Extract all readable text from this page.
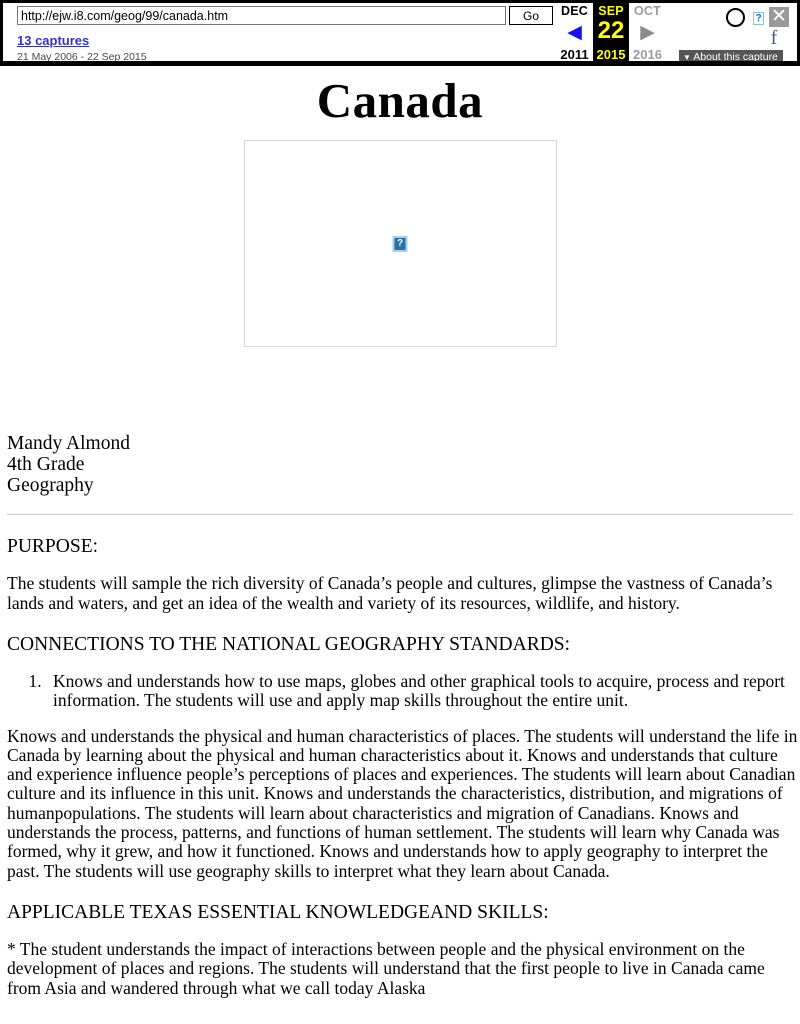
http://ejw.i8.com/geog/99/canada.htm
Go
13 captures
21 May 2006 - 22 Sep 2015
DEC
◀
2011
SEP
22
2015
OCT
▶
2016
? ✕
f
▼ About this capture
Canada
?
Mandy Almond
4th Grade
Geography
PURPOSE:

The students will sample the rich diversity of Canada’s people and cultures, glimpse the vastness of Canada’s lands and waters, and get an idea of the wealth and variety of its resources, wildlife, and history.

CONNECTIONS TO THE NATIONAL GEOGRAPHY STANDARDS:
1. Knows and understands how to use maps, globes and other graphical tools to acquire, process and report information. The students will use and apply map skills throughout the entire unit.

Knows and understands the physical and human characteristics of places. The students will understand the life in Canada by learning about the physical and human characteristics about it. Knows and understands that culture and experience influence people’s perceptions of places and experiences. The students will learn about Canadian culture and its influence in this unit. Knows and understands the characteristics, distribution, and migrations of humanpopulations. The students will learn about characteristics and migration of Canadians. Knows and understands the process, patterns, and functions of human settlement. The students will learn why Canada was formed, why it grew, and how it functioned. Knows and understands how to apply geography to interpret the past. The students will use geography skills to interpret what they learn about Canada.

APPLICABLE TEXAS ESSENTIAL KNOWLEDGEAND SKILLS:

* The student understands the impact of interactions between people and the physical environment on the development of places and regions. The students will understand that the first people to live in Canada came from Asia and wandered through what we call today Alaska
